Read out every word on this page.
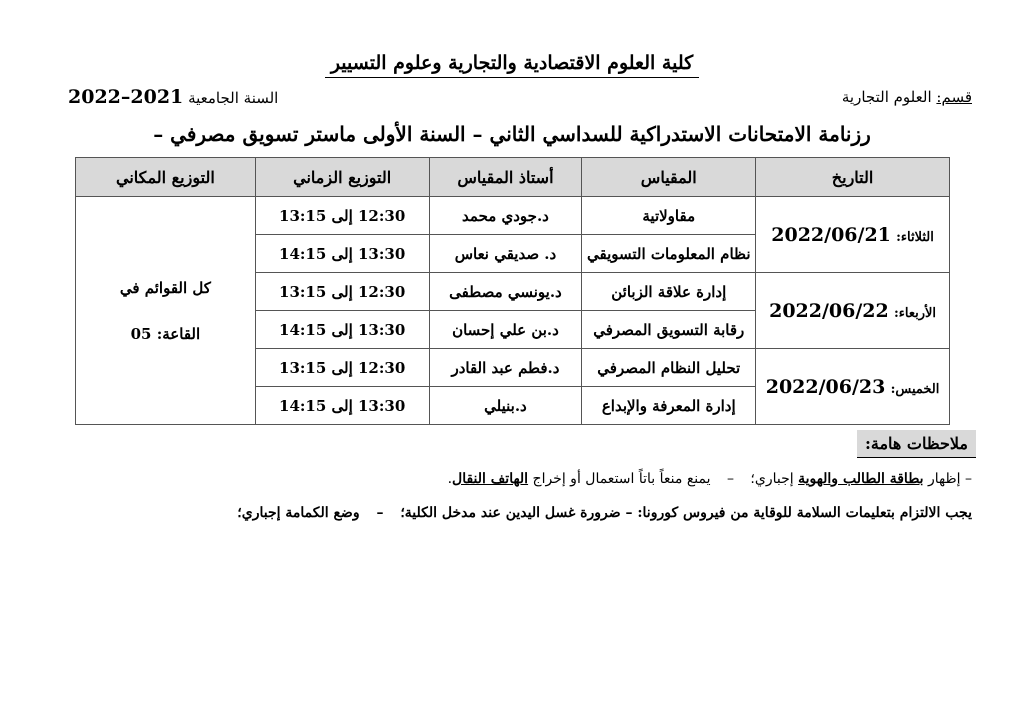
كلية العلوم الاقتصادية والتجارية وعلوم التسيير
قسم: العلوم التجارية
السنة الجامعية 2021–2022
رزنامة الامتحانات الاستدراكية للسداسي الثاني – السنة الأولى ماستر تسويق مصرفي –
التاريخ	المقياس	أستاذ المقياس	التوزيع الزماني	التوزيع المكاني
الثلاثاء: 2022/06/21	مقاولاتية	د.جودي محمد	12:30 إلى 13:15	كل القوائم في
القاعة: 05

	نظام المعلومات التسويقي	د. صديقي نعاس	13:30 إلى 14:15	
الأربعاء: 2022/06/22	إدارة علاقة الزبائن	د.يونسي مصطفى	12:30 إلى 13:15	
	رقابة التسويق المصرفي	د.بن علي إحسان	13:30 إلى 14:15	
الخميس: 2022/06/23	تحليل النظام المصرفي	د.فطم عبد القادر	12:30 إلى 13:15	
	إدارة المعرفة والإبداع	د.بنيلي	13:30 إلى 14:15	
ملاحظات هامة:
– إظهار بطاقة الطالب والهوية إجباري؛ – يمنع منعاً باتاً استعمال أو إخراج الهاتف النقال.
يجب الالتزام بتعليمات السلامة للوقاية من فيروس كورونا: – ضرورة غسل اليدين عند مدخل الكلية؛ – وضع الكمامة إجباري؛
